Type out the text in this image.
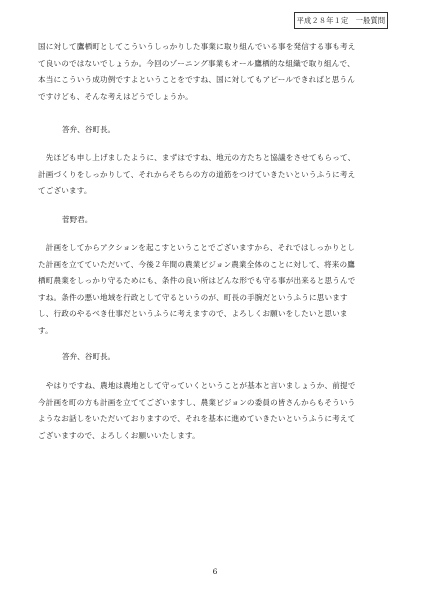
平成２８年１定　一般質問

国に対して鷹栖町としてこういうしっかりした事業に取り組んでいる事を発信する事も考え

て良いのではないでしょうか。今回のゾーニング事業もオール鷹栖的な組織で取り組んで、

本当にこういう成功例ですよということをですね、国に対してもアピールできればと思うん

ですけども、そんな考えはどうでしょうか。

答弁、谷町長。

　先ほども申し上げましたように、まずはですね、地元の方たちと協議をさせてもらって、

計画づくりをしっかりして、それからそちらの方の道筋をつけていきたいというふうに考え

てございます。

菅野君。

　計画をしてからアクションを起こすということでございますから、それではしっかりとし

た計画を立てていただいて、今後２年間の農業ビジョン農業全体のことに対して、将来の鷹

栖町農業をしっかり守るためにも、条件の良い所はどんな形でも守る事が出来ると思うんで

すね。条件の悪い地域を行政として守るというのが、町長の手腕だというふうに思います

し、行政のやるべき仕事だというふうに考えますので、よろしくお願いをしたいと思いま

す。

答弁、谷町長。

　やはりですね、農地は農地として守っていくということが基本と言いましょうか、前提で

今計画を町の方も計画を立ててございますし、農業ビジョンの委員の皆さんからもそういう

ようなお話しをいただいておりますので、それを基本に進めていきたいというふうに考えて

ございますので、よろしくお願いいたします。

6
